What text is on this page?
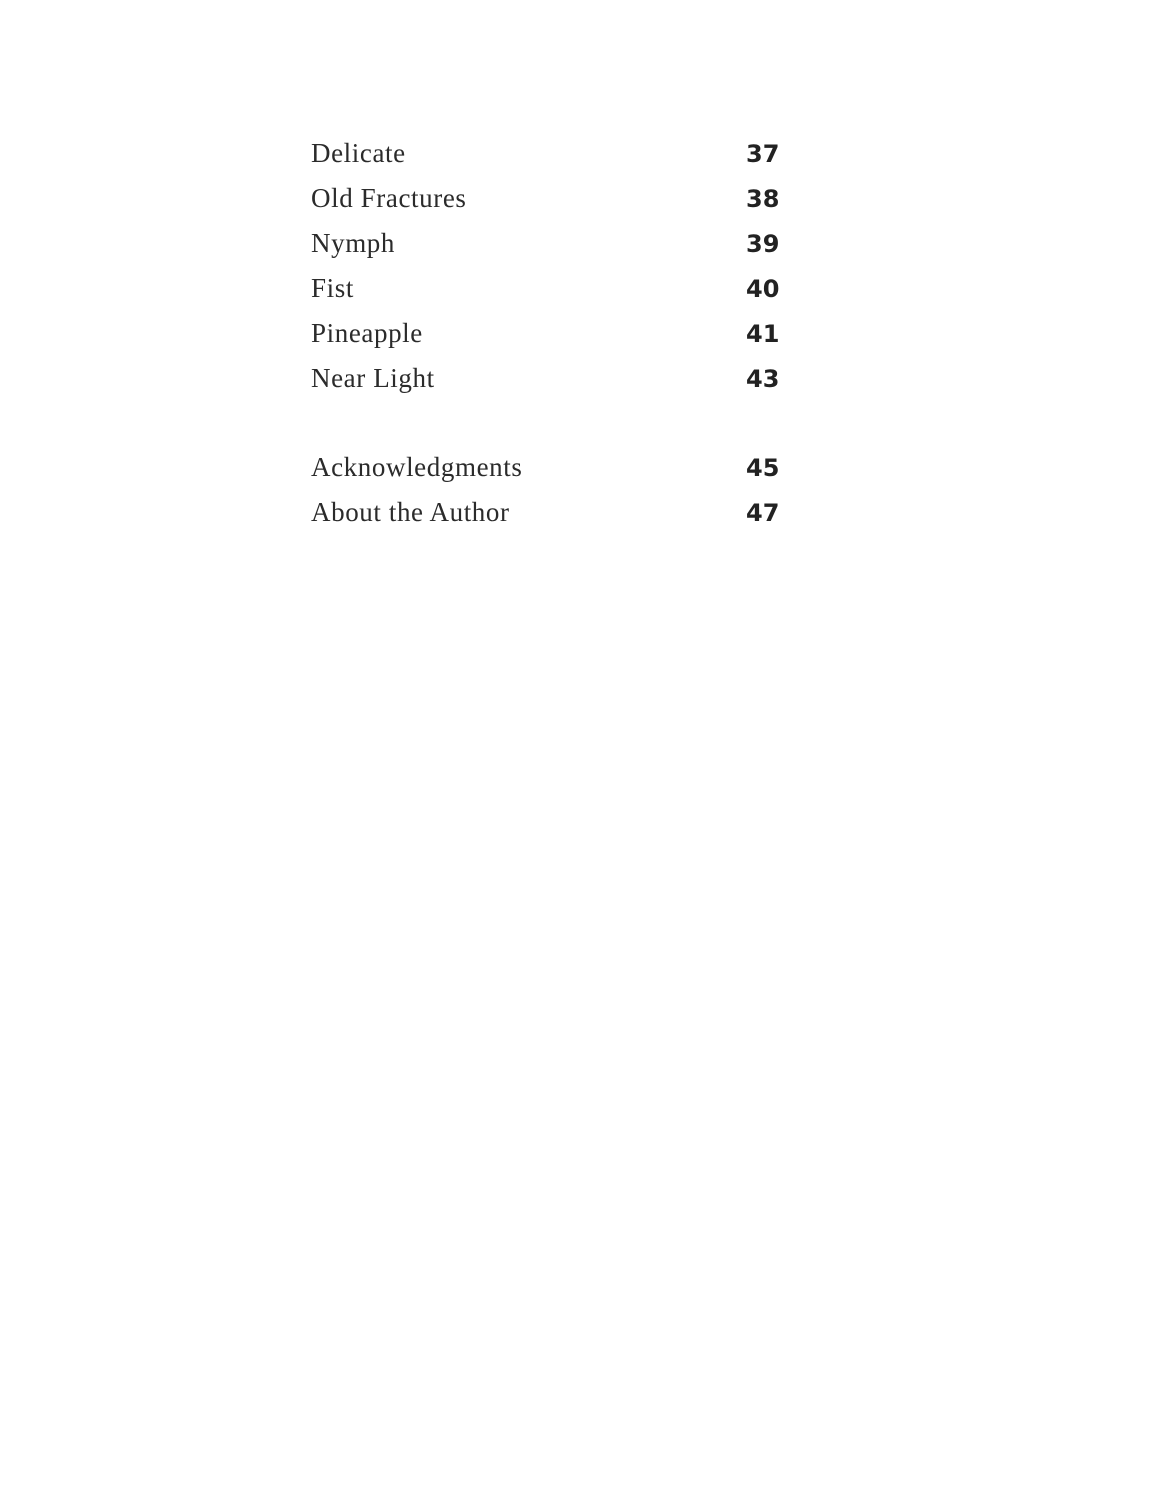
Delicate	37
Old Fractures	38
Nymph	39
Fist	40
Pineapple	41
Near Light	43
Acknowledgments	45
About the Author	47
